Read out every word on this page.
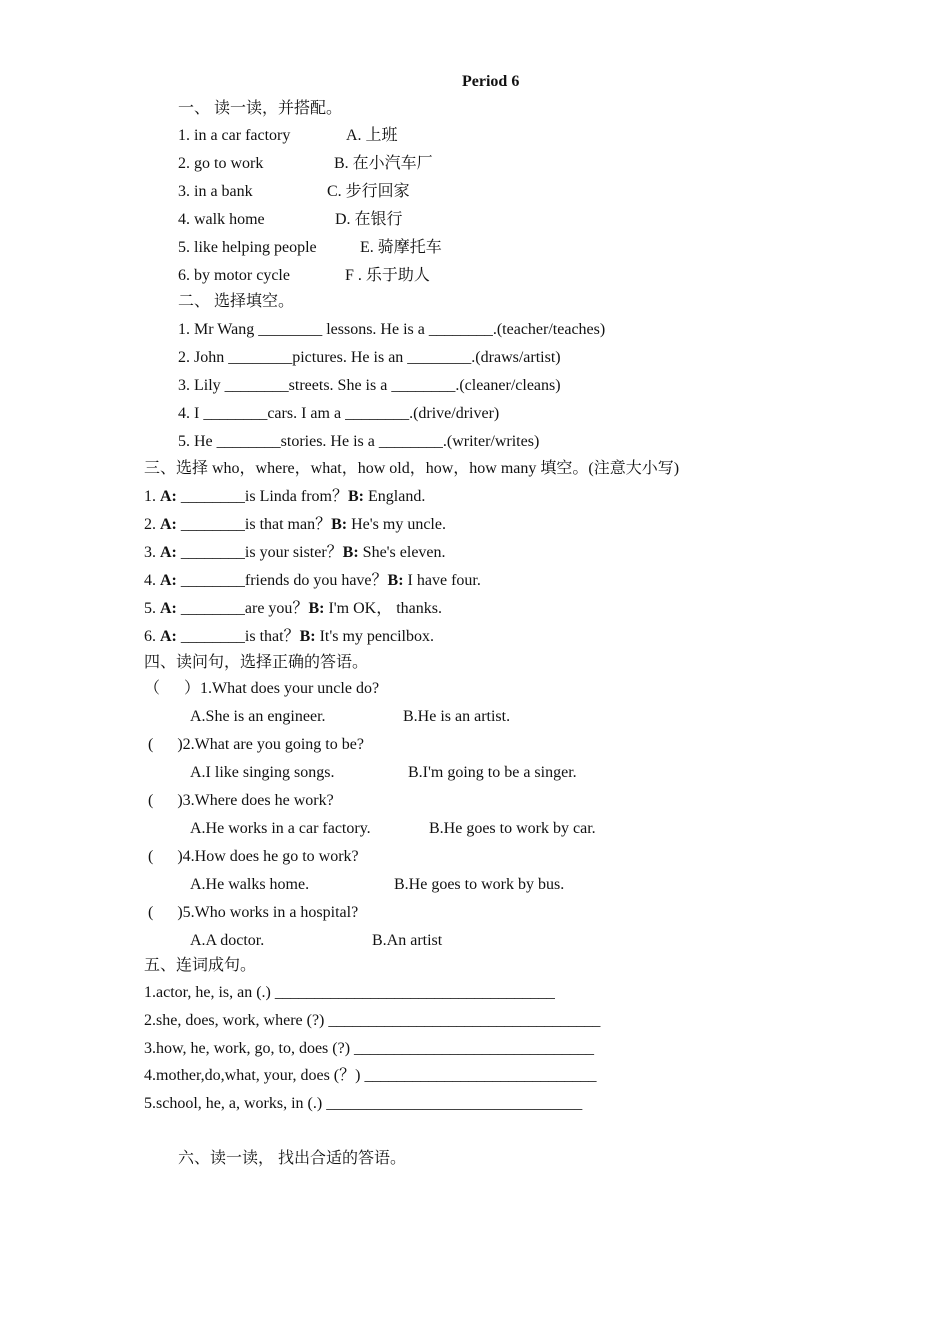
Period 6
一、 读一读，并搭配。
1. in a car factory	A. 上班
2. go to work	B. 在小汽车厂
3. in a bank	C. 步行回家
4. walk home	D. 在银行
5. like helping people	E. 骑摩托车
6. by motor cycle	F . 乐于助人
二、 选择填空。
1. Mr Wang ________ lessons. He is a ________.(teacher/teaches)
2. John ________pictures. He is an ________.(draws/artist)
3. Lily ________streets. She is a ________.(cleaner/cleans)
4. I ________cars. I am a ________.(drive/driver)
5. He ________stories. He is a ________.(writer/writes)
三、选择 who，where，what，how old，how，how many 填空。(注意大小写)
1. A: ________is Linda from？B: England.
2. A: ________is that man？B: He's my uncle.
3. A: ________is your sister？B: She's eleven.
4. A: ________friends do you have？B: I have four.
5. A: ________are you？B: I'm OK， thanks.
6. A: ________is that？B: It's my pencilbox.
四、读问句，选择正确的答语。
（      ）1.What does your uncle do?
A.She is an engineer.	B.He is an artist.
(      )2.What are you going to be?
A.I like singing songs.	B.I'm going to be a singer.
(      )3.Where does he work?
A.He works in a car factory.	B.He goes to work by car.
(      )4.How does he go to work?
A.He walks home.	B.He goes to work by bus.
(      )5.Who works in a hospital?
A.A doctor.	B.An artist
五、连词成句。
1.actor, he, is, an (.) ___________________________________
2.she, does, work, where (?) __________________________________
3.how, he, work, go, to, does (?) ______________________________
4.mother,do,what, your, does (？) _____________________________
5.school, he, a, works, in (.) ________________________________
六、读一读， 找出合适的答语。
